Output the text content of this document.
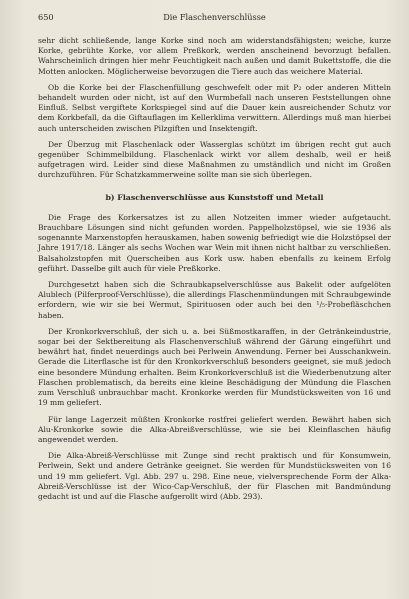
650	Die Flaschenverschlüsse

sehr dicht schließende, lange Korke sind noch am widerstandsfähigsten; weiche, kurze Korke, gebrühte Korke, vor allem Preßkork, werden anscheinend bevorzugt befallen. Wahrscheinlich dringen hier mehr Feuchtigkeit nach außen und damit Bukettstoffe, die die Motten anlocken. Möglicherweise bevorzugen die Tiere auch das weichere Material.

Ob die Korke bei der Flaschenfüllung geschwefelt oder mit P₂ oder anderen Mitteln behandelt wurden oder nicht, ist auf den Wurmbefall nach unseren Feststellungen ohne Einfluß. Selbst vergiftete Korkspiegel sind auf die Dauer kein ausreichender Schutz vor dem Korkbefall, da die Giftauflagen im Kellerklima verwittern. Allerdings muß man hierbei auch unterscheiden zwischen Pilzgiften und Insektengift.

Der Überzug mit Flaschenlack oder Wasserglas schützt im übrigen recht gut auch gegenüber Schimmelbildung. Flaschenlack wirkt vor allem deshalb, weil er heiß aufgetragen wird. Leider sind diese Maßnahmen zu umständlich und nicht im Großen durchzuführen. Für Schatzkammerweine sollte man sie sich überlegen.

b) Flaschenverschlüsse aus Kunststoff und Metall

Die Frage des Korkersatzes ist zu allen Notzeiten immer wieder aufgetaucht. Brauchbare Lösungen sind nicht gefunden worden. Pappelholzstöpsel, wie sie 1936 als sogenannte Marxenstopfen herauskamen, haben sowenig befriedigt wie die Holzstöpsel der Jahre 1917/18. Länger als sechs Wochen war Wein mit ihnen nicht haltbar zu verschließen. Balsaholzstopfen mit Querscheiben aus Kork usw. haben ebenfalls zu keinem Erfolg geführt. Dasselbe gilt auch für viele Preßkorke.

Durchgesetzt haben sich die Schraubkapselverschlüsse aus Bakelit oder aufgelöten Alublech (Pilferproof-Verschlüsse), die allerdings Flaschenmündungen mit Schraubgewinde erfordern, wie wir sie bei Wermut, Spirituosen oder auch bei den ¹/₅-Probefläschchen haben.

Der Kronkorkverschluß, der sich u. a. bei Süßmostkaraffen, in der Getränkeindustrie, sogar bei der Sektbereitung als Flaschenverschluß während der Gärung eingeführt und bewährt hat, findet neuerdings auch bei Perlwein Anwendung. Ferner bei Ausschankwein. Gerade die Literflasche ist für den Kronkorkverschluß besonders geeignet, sie muß jedoch eine besondere Mündung erhalten. Beim Kronkorkverschluß ist die Wiederbenutzung alter Flaschen problematisch, da bereits eine kleine Beschädigung der Mündung die Flaschen zum Verschluß unbrauchbar macht. Kronkorke werden für Mundstücksweiten von 16 und 19 mm geliefert.

Für lange Lagerzeit müßten Kronkorke rostfrei geliefert werden. Bewährt haben sich Alu-Kronkorke sowie die Alka-Abreißverschlüsse, wie sie bei Kleinflaschen häufig angewendet werden.

Die Alka-Abreiß-Verschlüsse mit Zunge sind recht praktisch und für Konsumwein, Perlwein, Sekt und andere Getränke geeignet. Sie werden für Mundstücksweiten von 16 und 19 mm geliefert. Vgl. Abb. 297 u. 298. Eine neue, vielversprechende Form der Alka-Abreiß-Verschlüsse ist der Wico-Cap-Verschluß, der für Flaschen mit Bandmündung gedacht ist und auf die Flasche aufgerollt wird (Abb. 293).
